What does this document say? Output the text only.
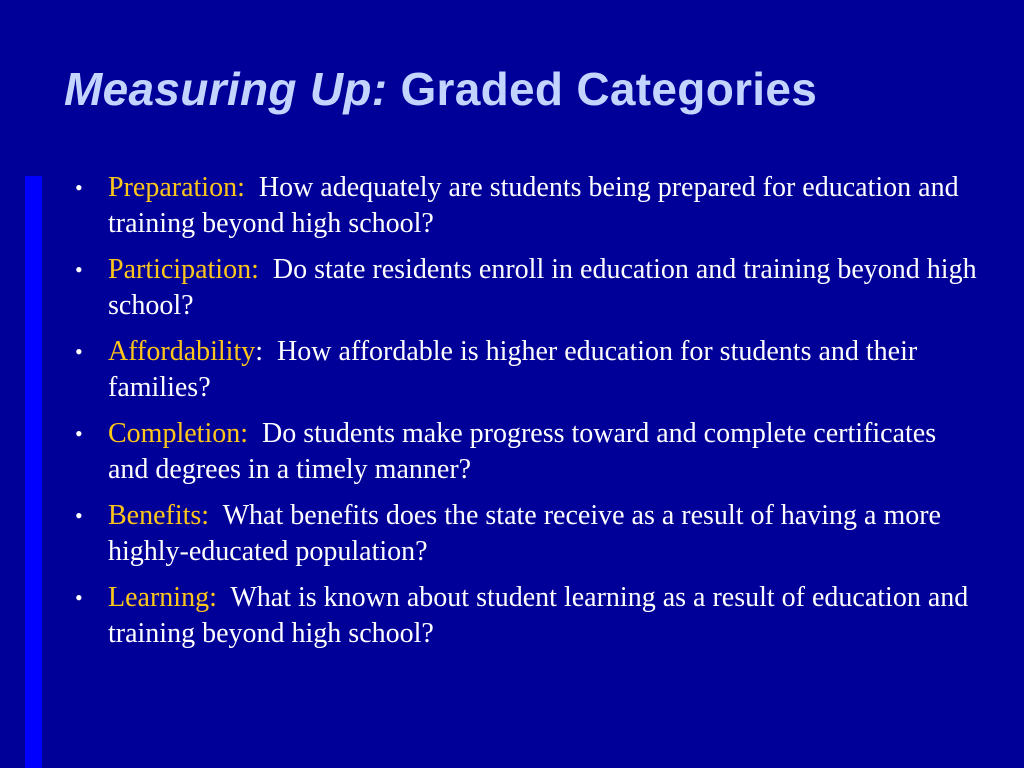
Measuring Up: Graded Categories
• Preparation: How adequately are students being prepared for education and training beyond high school?
• Participation: Do state residents enroll in education and training beyond high school?
• Affordability: How affordable is higher education for students and their families?
• Completion: Do students make progress toward and complete certificates and degrees in a timely manner?
• Benefits: What benefits does the state receive as a result of having a more highly-educated population?
• Learning: What is known about student learning as a result of education and training beyond high school?
